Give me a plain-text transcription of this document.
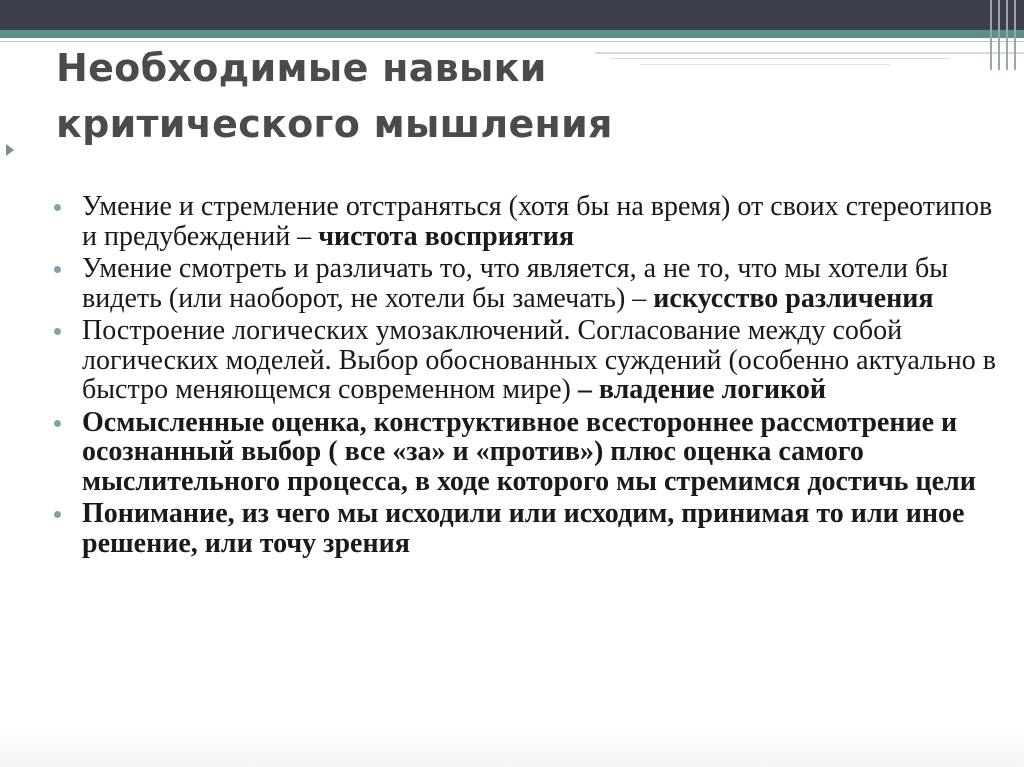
Необходимые навыки
критического мышления
Умение и стремление отстраняться (хотя бы на время) от своих стереотипов и предубеждений – чистота восприятия
Умение смотреть и различать то, что является, а не то, что мы хотели бы видеть (или наоборот, не хотели бы замечать) – искусство различения
Построение логических умозаключений. Согласование между собой логических моделей. Выбор обоснованных суждений (особенно актуально в быстро меняющемся современном мире) – владение логикой
Осмысленные оценка, конструктивное всестороннее рассмотрение и осознанный выбор ( все «за» и «против») плюс оценка самого мыслительного процесса, в ходе которого мы стремимся достичь цели
Понимание, из чего мы исходили или исходим, принимая то или иное решение, или точу зрения
